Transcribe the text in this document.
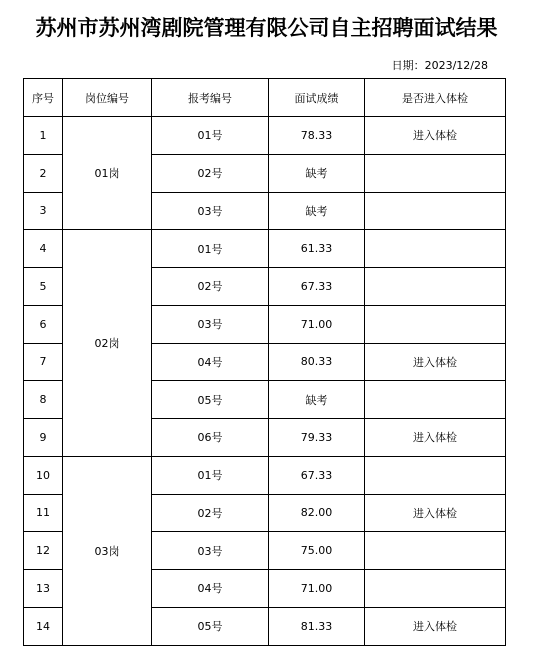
苏州市苏州湾剧院管理有限公司自主招聘面试结果
日期：2023/12/28
序号	岗位编号	报考编号	面试成绩	是否进入体检
1	01岗	01号	78.33	进入体检
2		02号	缺考	
3		03号	缺考	
4	02岗	01号	61.33	
5		02号	67.33	
6		03号	71.00	
7		04号	80.33	进入体检
8		05号	缺考	
9		06号	79.33	进入体检
10	03岗	01号	67.33	
11		02号	82.00	进入体检
12		03号	75.00	
13		04号	71.00	
14		05号	81.33	进入体检
